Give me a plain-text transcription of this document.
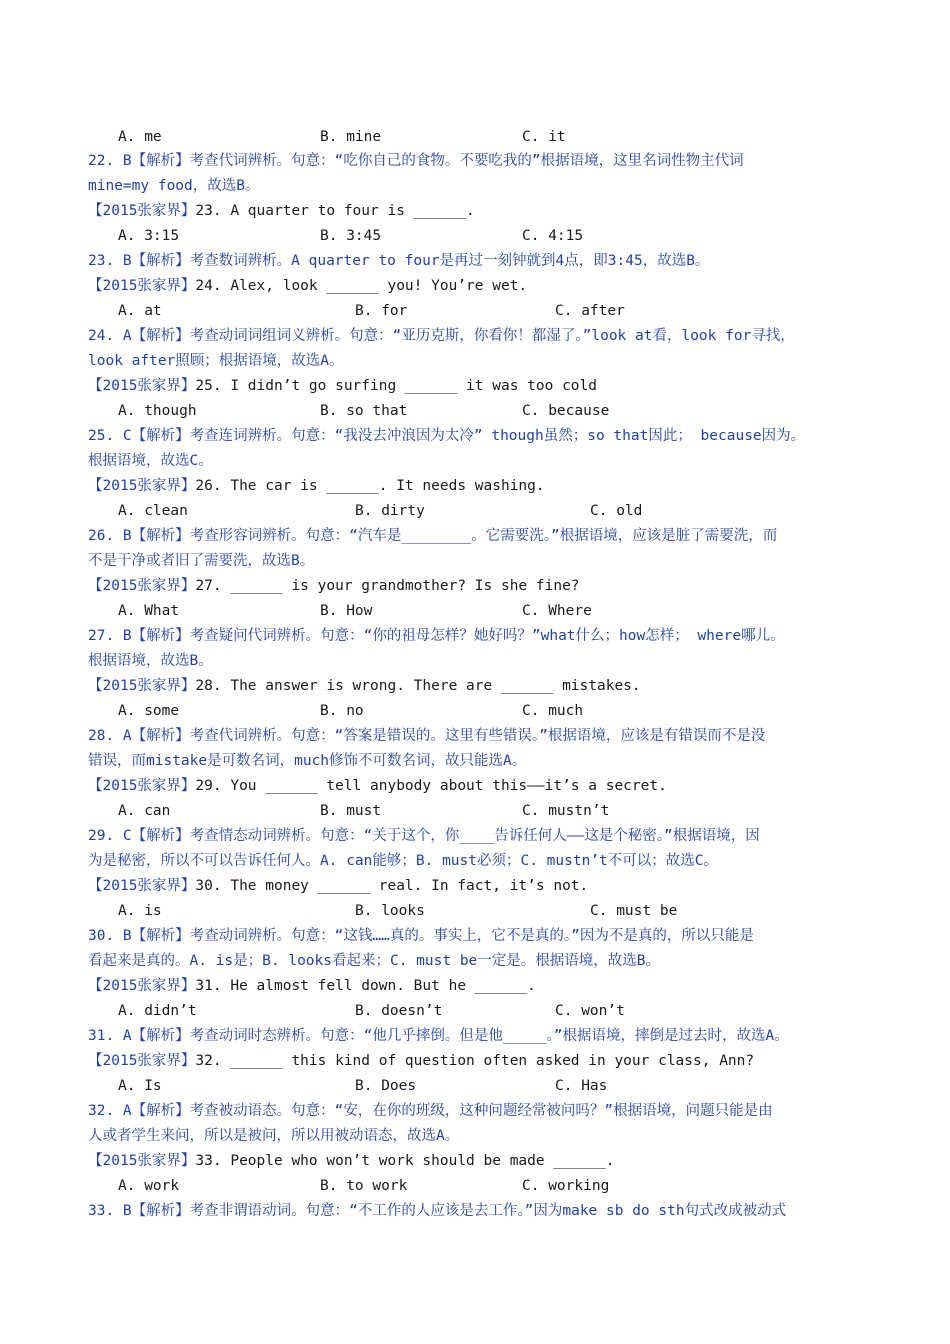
A. me	B. mine	C. it
22. B【解析】考查代词辨析。句意：“吃你自己的食物。不要吃我的”根据语境，这里名词性物主代词
mine=my food，故选B。
【2015张家界】23. A quarter to four is ______.
A. 3:15	B. 3:45	C. 4:15
23. B【解析】考查数词辨析。A quarter to four是再过一刻钟就到4点，即3:45，故选B。
【2015张家界】24. Alex, look ______ you! You’re wet.
A. at	B. for	C. after
24. A【解析】考查动词词组词义辨析。句意：“亚历克斯，你看你！都湿了。”look at看，look for寻找，
look after照顾；根据语境，故选A。
【2015张家界】25. I didn’t go surfing ______ it was too cold
A. though	B. so that	C. because
25. C【解析】考查连词辨析。句意：“我没去冲浪因为太冷” though虽然；so that因此； because因为。
根据语境，故选C。
【2015张家界】26. The car is ______. It needs washing.
A. clean	B. dirty	C. old
26. B【解析】考查形容词辨析。句意：“汽车是________。它需要洗。”根据语境，应该是脏了需要洗，而
不是干净或者旧了需要洗，故选B。
【2015张家界】27. ______ is your grandmother? Is she fine?
A. What	B. How	C. Where
27. B【解析】考查疑问代词辨析。句意：“你的祖母怎样？她好吗？”what什么；how怎样； where哪儿。
根据语境，故选B。
【2015张家界】28. The answer is wrong. There are ______ mistakes.
A. some	B. no	C. much
28. A【解析】考查代词辨析。句意：“答案是错误的。这里有些错误。”根据语境，应该是有错误而不是没
错误，而mistake是可数名词，much修饰不可数名词，故只能选A。
【2015张家界】29. You ______ tell anybody about this——it’s a secret.
A. can	B. must	C. mustn’t
29. C【解析】考查情态动词辨析。句意：“关于这个，你____告诉任何人——这是个秘密。”根据语境，因
为是秘密，所以不可以告诉任何人。A. can能够；B. must必须；C. mustn’t不可以；故选C。
【2015张家界】30. The money ______ real. In fact, it’s not.
A. is	B. looks	C. must be
30. B【解析】考查动词辨析。句意：“这钱……真的。事实上，它不是真的。”因为不是真的，所以只能是
看起来是真的。A. is是；B. looks看起来；C. must be一定是。根据语境，故选B。
【2015张家界】31. He almost fell down. But he ______.
A. didn’t	B. doesn’t	C. won’t
31. A【解析】考查动词时态辨析。句意：“他几乎摔倒。但是他_____。”根据语境，摔倒是过去时，故选A。
【2015张家界】32. ______ this kind of question often asked in your class, Ann?
A. Is	B. Does	C. Has
32. A【解析】考查被动语态。句意：“安，在你的班级，这种问题经常被问吗？”根据语境，问题只能是由
人或者学生来问，所以是被问，所以用被动语态，故选A。
【2015张家界】33. People who won’t work should be made ______.
A. work	B. to work	C. working
33. B【解析】考查非谓语动词。句意：“不工作的人应该是去工作。”因为make sb do sth句式改成被动式
